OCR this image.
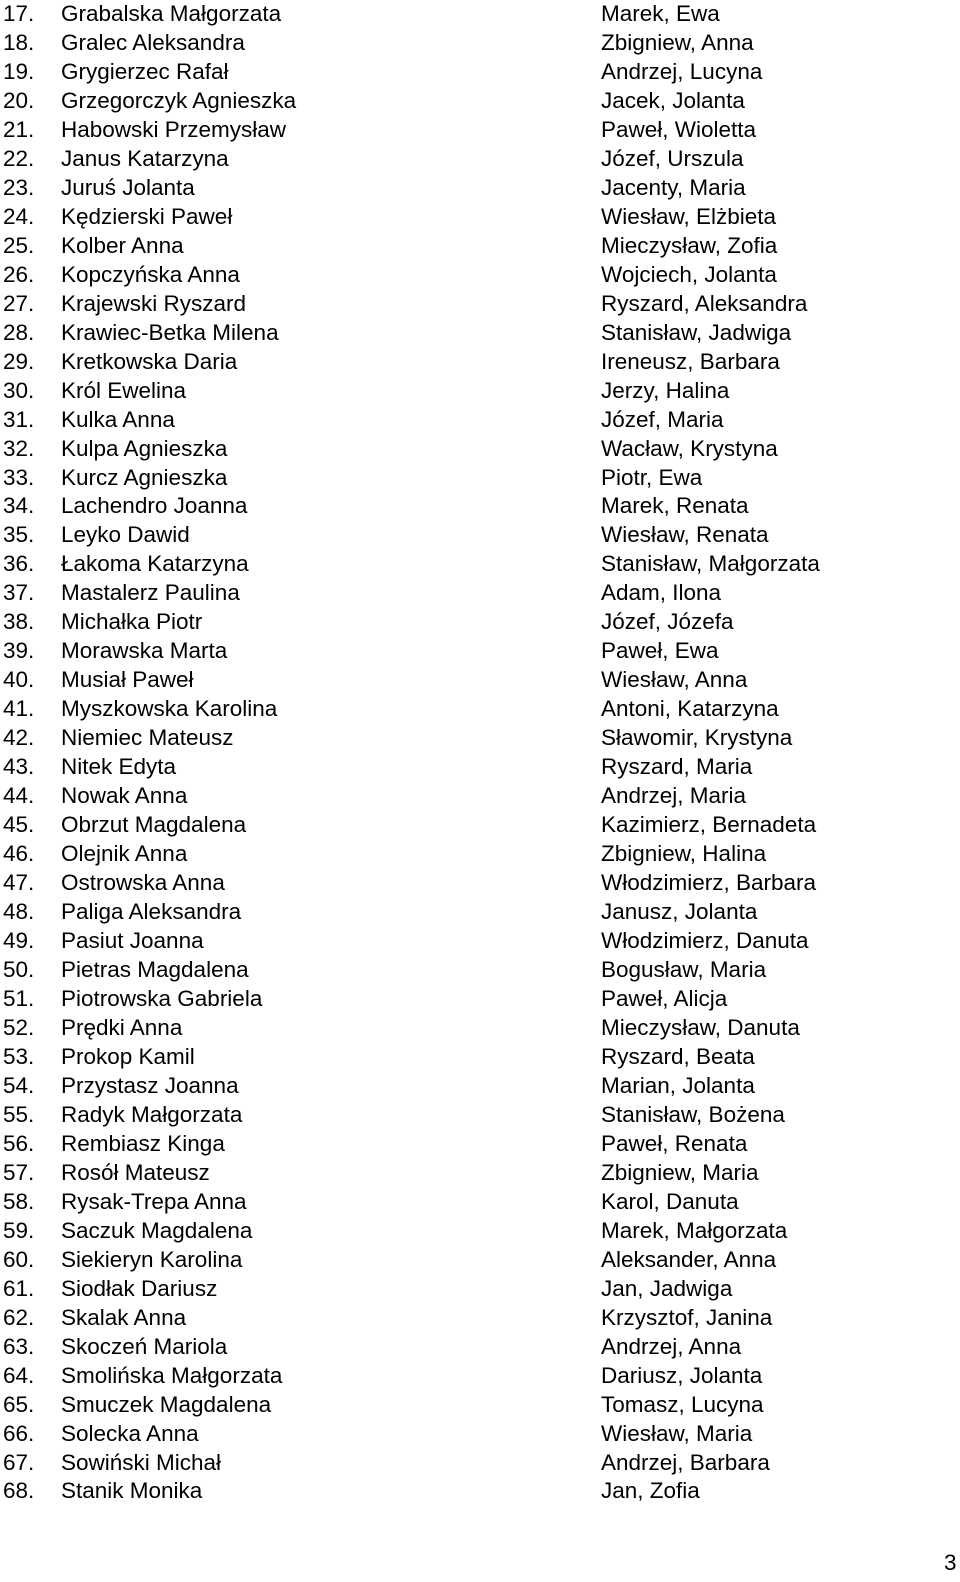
17. Grabalska Małgorzata	Marek, Ewa
18. Gralec Aleksandra	Zbigniew, Anna
19. Grygierzec Rafał	Andrzej, Lucyna
20. Grzegorczyk Agnieszka	Jacek, Jolanta
21. Habowski Przemysław	Paweł, Wioletta
22. Janus Katarzyna	Józef, Urszula
23. Juruś Jolanta	Jacenty, Maria
24. Kędzierski Paweł	Wiesław, Elżbieta
25. Kolber Anna	Mieczysław, Zofia
26. Kopczyńska Anna	Wojciech, Jolanta
27. Krajewski Ryszard	Ryszard, Aleksandra
28. Krawiec-Betka Milena	Stanisław, Jadwiga
29. Kretkowska Daria	Ireneusz, Barbara
30. Król Ewelina	Jerzy, Halina
31. Kulka Anna	Józef, Maria
32. Kulpa Agnieszka	Wacław, Krystyna
33. Kurcz Agnieszka	Piotr, Ewa
34. Lachendro Joanna	Marek, Renata
35. Leyko Dawid	Wiesław, Renata
36. Łakoma Katarzyna	Stanisław, Małgorzata
37. Mastalerz Paulina	Adam, Ilona
38. Michałka Piotr	Józef, Józefa
39. Morawska Marta	Paweł, Ewa
40. Musiał Paweł	Wiesław, Anna
41. Myszkowska Karolina	Antoni, Katarzyna
42. Niemiec Mateusz	Sławomir, Krystyna
43. Nitek Edyta	Ryszard, Maria
44. Nowak Anna	Andrzej, Maria
45. Obrzut Magdalena	Kazimierz, Bernadeta
46. Olejnik Anna	Zbigniew, Halina
47. Ostrowska Anna	Włodzimierz, Barbara
48. Paliga Aleksandra	Janusz, Jolanta
49. Pasiut Joanna	Włodzimierz, Danuta
50. Pietras Magdalena	Bogusław, Maria
51. Piotrowska Gabriela	Paweł, Alicja
52. Prędki Anna	Mieczysław, Danuta
53. Prokop Kamil	Ryszard, Beata
54. Przystasz Joanna	Marian, Jolanta
55. Radyk Małgorzata	Stanisław, Bożena
56. Rembiasz Kinga	Paweł, Renata
57. Rosół Mateusz	Zbigniew, Maria
58. Rysak-Trepa Anna	Karol, Danuta
59. Saczuk Magdalena	Marek, Małgorzata
60. Siekieryn Karolina	Aleksander, Anna
61. Siodłak Dariusz	Jan, Jadwiga
62. Skalak Anna	Krzysztof, Janina
63. Skoczeń Mariola	Andrzej, Anna
64. Smolińska Małgorzata	Dariusz, Jolanta
65. Smuczek Magdalena	Tomasz, Lucyna
66. Solecka Anna	Wiesław, Maria
67. Sowiński Michał	Andrzej, Barbara
68. Stanik Monika	Jan, Zofia
3
